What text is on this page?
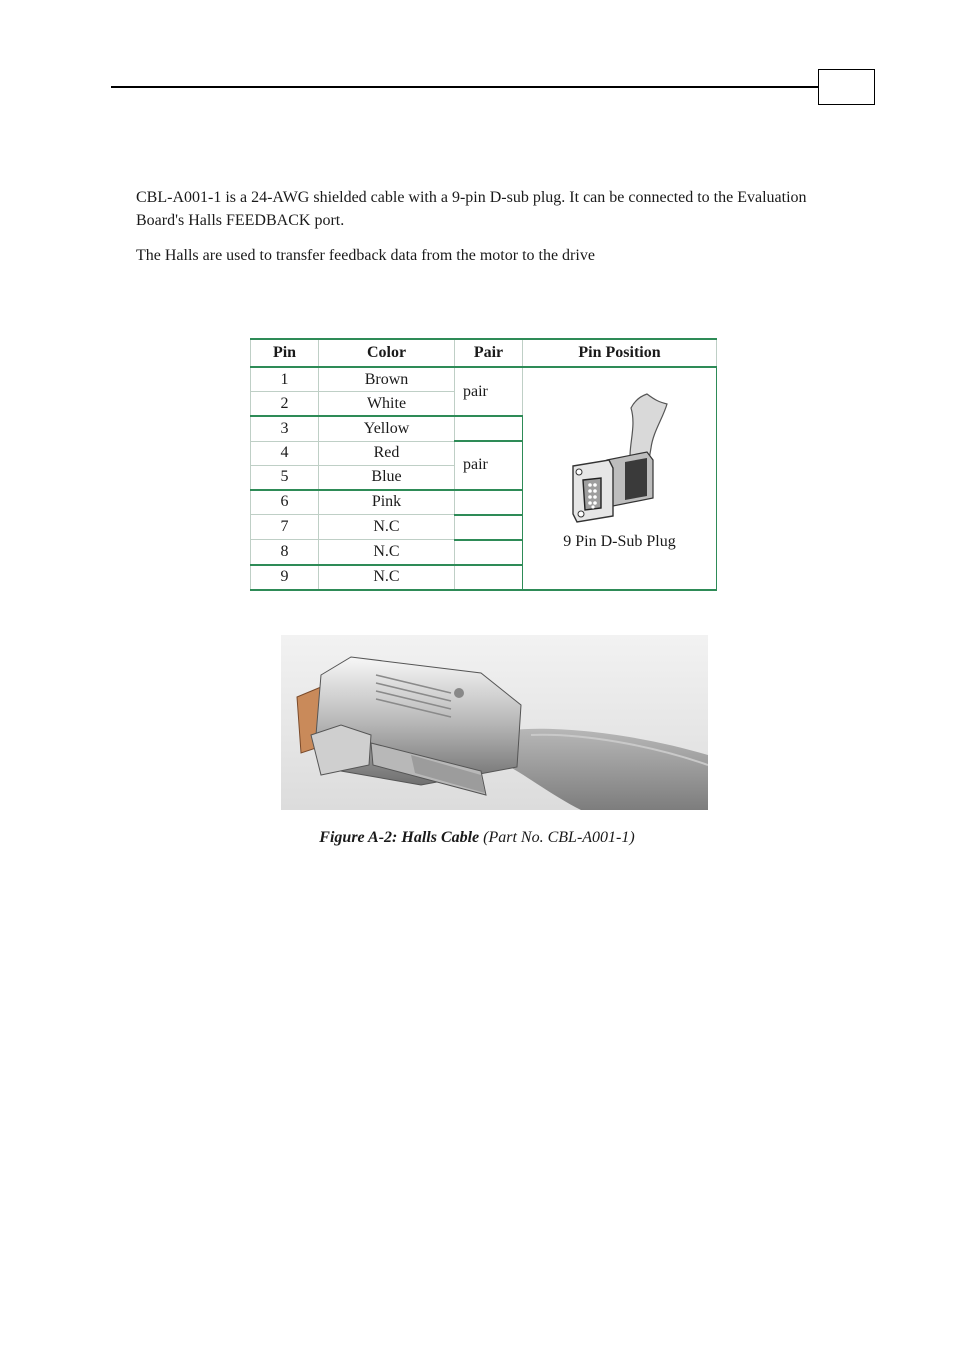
CBL-A001-1 is a 24-AWG shielded cable with a 9-pin D-sub plug. It can be connected to the Evaluation Board's Halls FEEDBACK port.

The Halls are used to transfer feedback data from the motor to the drive

Pin	Color	Pair	Pin Position
1	Brown	pair	9 Pin D-Sub Plug

2	White		
3	Yellow		
4	Red	pair	
5	Blue		
6	Pink		
7	N.C		
8	N.C		
9	N.C		
Figure A-2: Halls Cable (Part No. CBL-A001-1)
